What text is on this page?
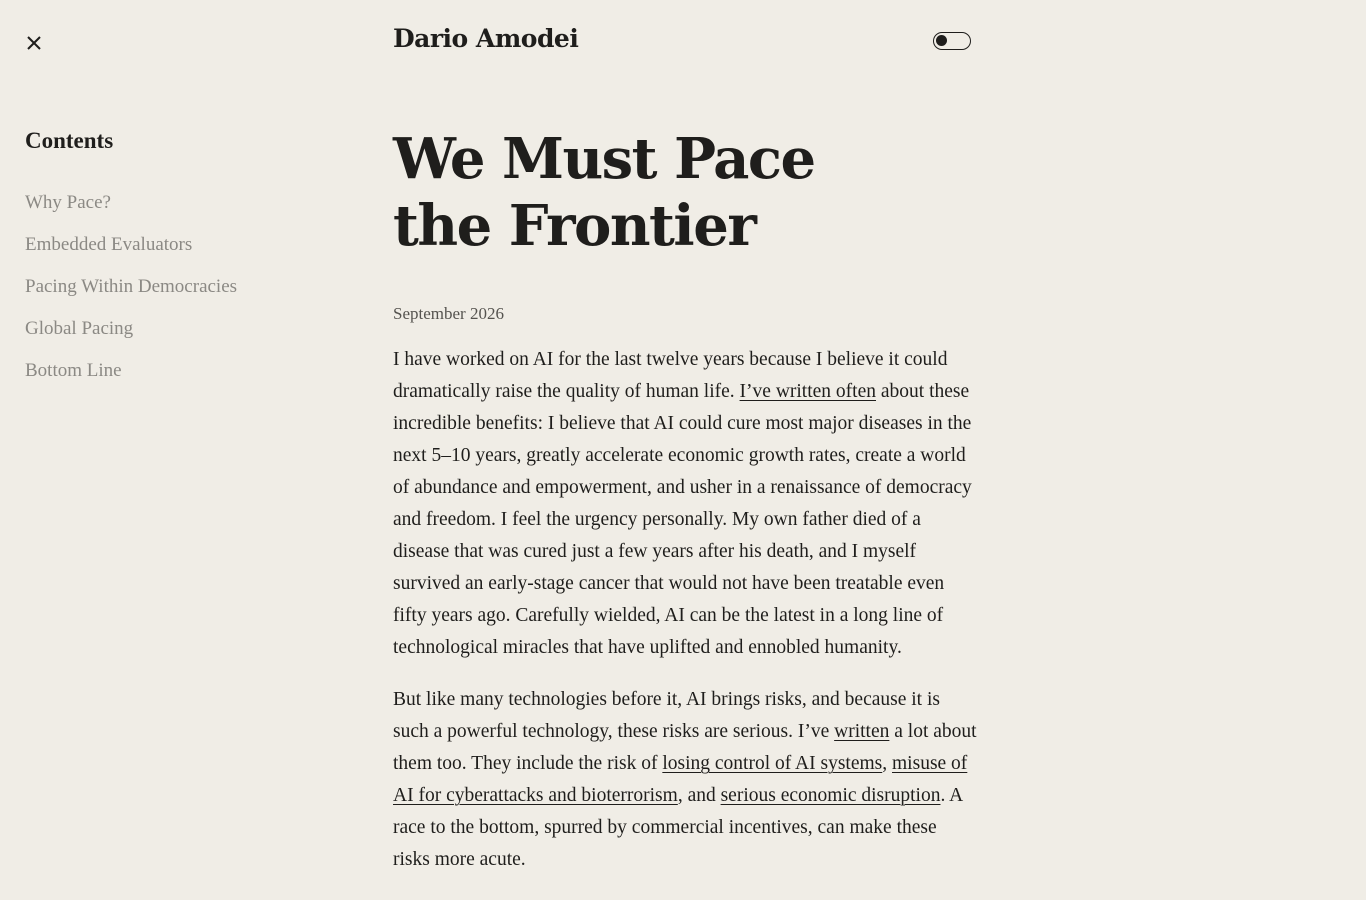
Dario Amodei
Contents
Why Pace?
Embedded Evaluators
Pacing Within Democracies
Global Pacing
Bottom Line
We Must Pace
the Frontier

September 2026

I have worked on AI for the last twelve years because I believe it could dramatically raise the quality of human life. I’ve written often about these incredible benefits: I believe that AI could cure most major diseases in the next 5–10 years, greatly accelerate economic growth rates, create a world of abundance and empowerment, and usher in a renaissance of democracy and freedom. I feel the urgency personally. My own father died of a disease that was cured just a few years after his death, and I myself survived an early-stage cancer that would not have been treatable even fifty years ago. Carefully wielded, AI can be the latest in a long line of technological miracles that have uplifted and ennobled humanity.

But like many technologies before it, AI brings risks, and because it is such a powerful technology, these risks are serious. I’ve written a lot about them too. They include the risk of losing control of AI systems, misuse of AI for cyberattacks and bioterrorism, and serious economic disruption. A race to the bottom, spurred by commercial incentives, can make these risks more acute.
